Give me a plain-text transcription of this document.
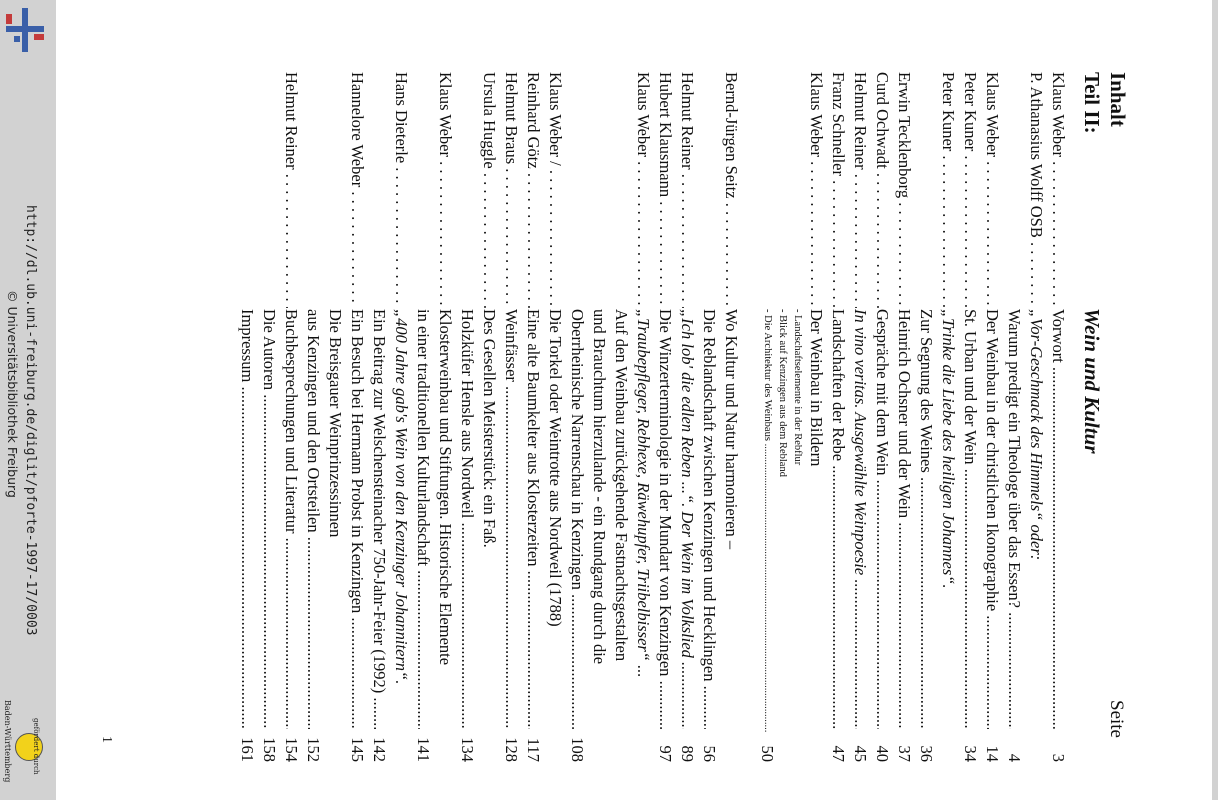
http://dl.ub.uni-freiburg.de/diglit/pforte-1997-17/0003
© Universitätsbibliothek Freiburg
gefördert durch
Baden-Württemberg
Inhalt
Teil II:
Wein und Kultur
Seite
1
Klaus Weber . . .
Vorwort .....
3
P. Athanasius Wolff OSB . . .
„Vor-Geschmack des Himmels“ oder:
Warum predigt ein Theologe über das Essen? .....
4
Klaus Weber . . .
Der Weinbau in der christlichen Ikonographie .....
14
Peter Kuner . . .
St. Urban und der Wein .....
34
Peter Kuner . . .
„Trinke die Liebe des heiligen Johannes“.
Zur Segnung des Weines .....
36
Erwin Tecklenborg . . .
Heinrich Ochsner und der Wein .....
37
Curd Ochwadt . . .
Gespräche mit dem Wein .....
40
Helmut Reiner . . .
In vino veritas. Ausgewählte Weinpoesie .....
45
Franz Schneller . . .
Landschaften der Rebe .....
47
Klaus Weber . . .
Der Weinbau in Bildern
Bernd-Jürgen Seitz . . .
Wo Kultur und Natur harmonieren –
Die Reblandschaft zwischen Kenzingen und Hecklingen .....
56
Helmut Reiner . . .
„Ich lob' die edlen Reben ...“. Der Wein im Volkslied .....
89
Hubert Klausmann . . .
Die Winzerterminologie in der Mundart von Kenzingen .....
97
Klaus Weber . . .
„Traubepfleger, Rebhexe, Räwehupfer, Triibelbisser“ ...
Auf den Weinbau zurückgehende Fastnachtsgestalten
und Brauchtum hierzulande - ein Rundgang durch die
Oberrheinische Narrenschau in Kenzingen .....
108
Klaus Weber / . . .
Die Torkel oder Weintrotte aus Nordweil (1788)
Reinhard Götz . . .
Eine alte Baumkelter aus Klosterzeiten .....
117
Helmut Braus . . .
Weinfässer .....
128
Ursula Huggle . . .
Des Gesellen Meisterstück: ein Faß.
Holzküfer Hensle aus Nordweil .....
134
Klaus Weber . . .
Klosterweinbau und Stiftungen. Historische Elemente
in einer traditionellen Kulturlandschaft .....
141
Hans Dieterle . . .
„400 Jahre gab's Wein von den Kenzinger Johannitern“.
Ein Beitrag zur Welschensteinacher 750-Jahr-Feier (1992) .....
142
Hannelore Weber . . .
Ein Besuch bei Hermann Probst in Kenzingen .....
145
Die Breisgauer Weinprinzessinnen
aus Kenzingen und den Ortsteilen .....
152
Helmut Reiner . . .
Buchbesprechungen und Literatur .....
154
Die Autoren .....
158
Impressum .....
161
- Landschaftselemente in der Rebflur
- Blick auf Kenzingen aus dem Rebland
- Die Architektur des Weinbaus .....
50
